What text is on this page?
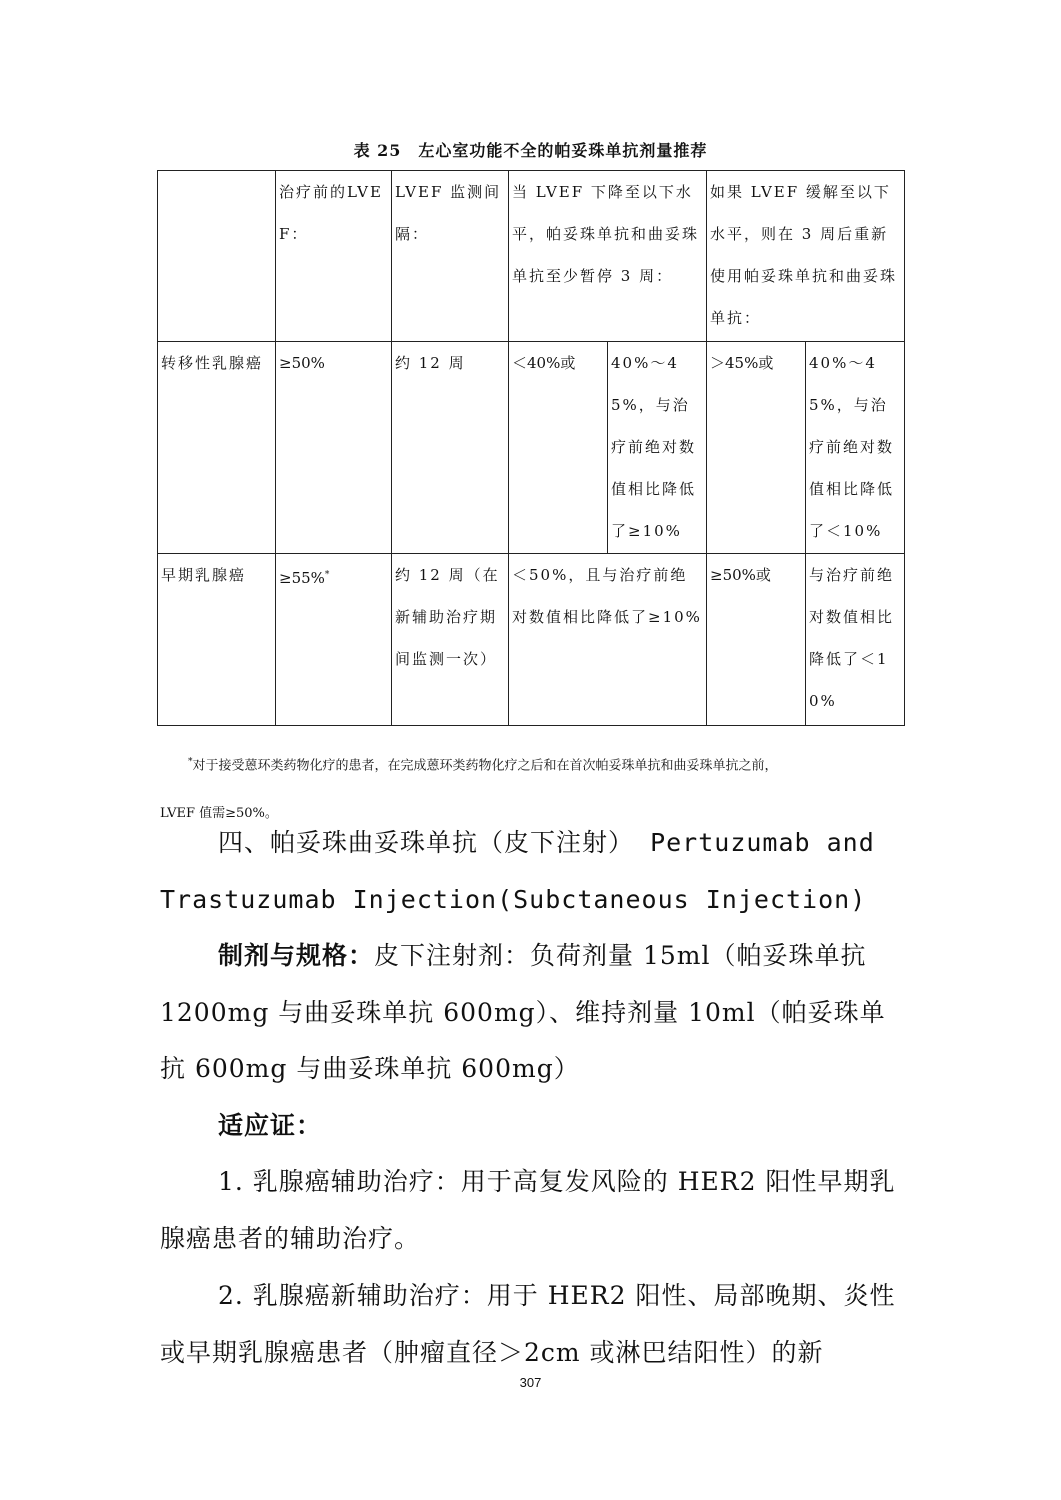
表 25　左心室功能不全的帕妥珠单抗剂量推荐
	治疗前的LVEF：	LVEF 监测间隔：	当 LVEF 下降至以下水平，帕妥珠单抗和曲妥珠单抗至少暂停 3 周：		如果 LVEF 缓解至以下水平，则在 3 周后重新使用帕妥珠单抗和曲妥珠单抗：	
转移性乳腺癌	≥50%	约 12 周	＜40%或	40%～45%，与治疗前绝对数值相比降低了≥10%	＞45%或	40%～45%，与治疗前绝对数值相比降低了＜10%
早期乳腺癌	≥55%*	约 12 周（在新辅助治疗期间监测一次）	＜50%，且与治疗前绝对数值相比降低了≥10%		≥50%或	与治疗前绝对数值相比降低了＜10%
*对于接受蒽环类药物化疗的患者，在完成蒽环类药物化疗之后和在首次帕妥珠单抗和曲妥珠单抗之前，
LVEF 值需≥50%。
四、帕妥珠曲妥珠单抗（皮下注射） Pertuzumab and Trastuzumab Injection(Subctaneous Injection)
制剂与规格：皮下注射剂：负荷剂量 15ml（帕妥珠单抗 1200mg 与曲妥珠单抗 600mg）、维持剂量 10ml（帕妥珠单抗 600mg 与曲妥珠单抗 600mg）
适应证：
1. 乳腺癌辅助治疗：用于高复发风险的 HER2 阳性早期乳腺癌患者的辅助治疗。
2. 乳腺癌新辅助治疗：用于 HER2 阳性、局部晚期、炎性或早期乳腺癌患者（肿瘤直径＞2cm 或淋巴结阳性）的新
307
